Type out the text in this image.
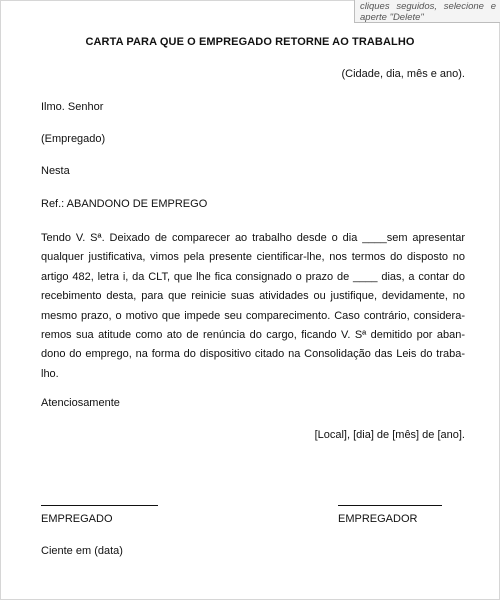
cliques seguidos, selecione e
aperte "Delete"
CARTA PARA QUE O EMPREGADO RETORNE AO TRABALHO
(Cidade, dia, mês e ano).
Ilmo. Senhor
(Empregado)
Nesta
Ref.: ABANDONO DE EMPREGO
Tendo V. Sª. Deixado de comparecer ao trabalho desde o dia ____sem apresentar qualquer justificativa, vimos pela presente cientificar-lhe, nos termos do disposto no artigo 482, letra i, da CLT, que lhe fica consignado o prazo de ____ dias, a contar do recebimento desta, para que reinicie suas atividades ou justifique, devidamente, no mesmo prazo, o motivo que impede seu comparecimento. Caso contrário, considera-remos sua atitude como ato de renúncia do cargo, ficando V. Sª demitido por aban-dono do emprego, na forma do dispositivo citado na Consolidação das Leis do traba-lho.
Atenciosamente
[Local], [dia] de [mês] de [ano].
EMPREGADO	EMPREGADOR
Ciente em (data)
